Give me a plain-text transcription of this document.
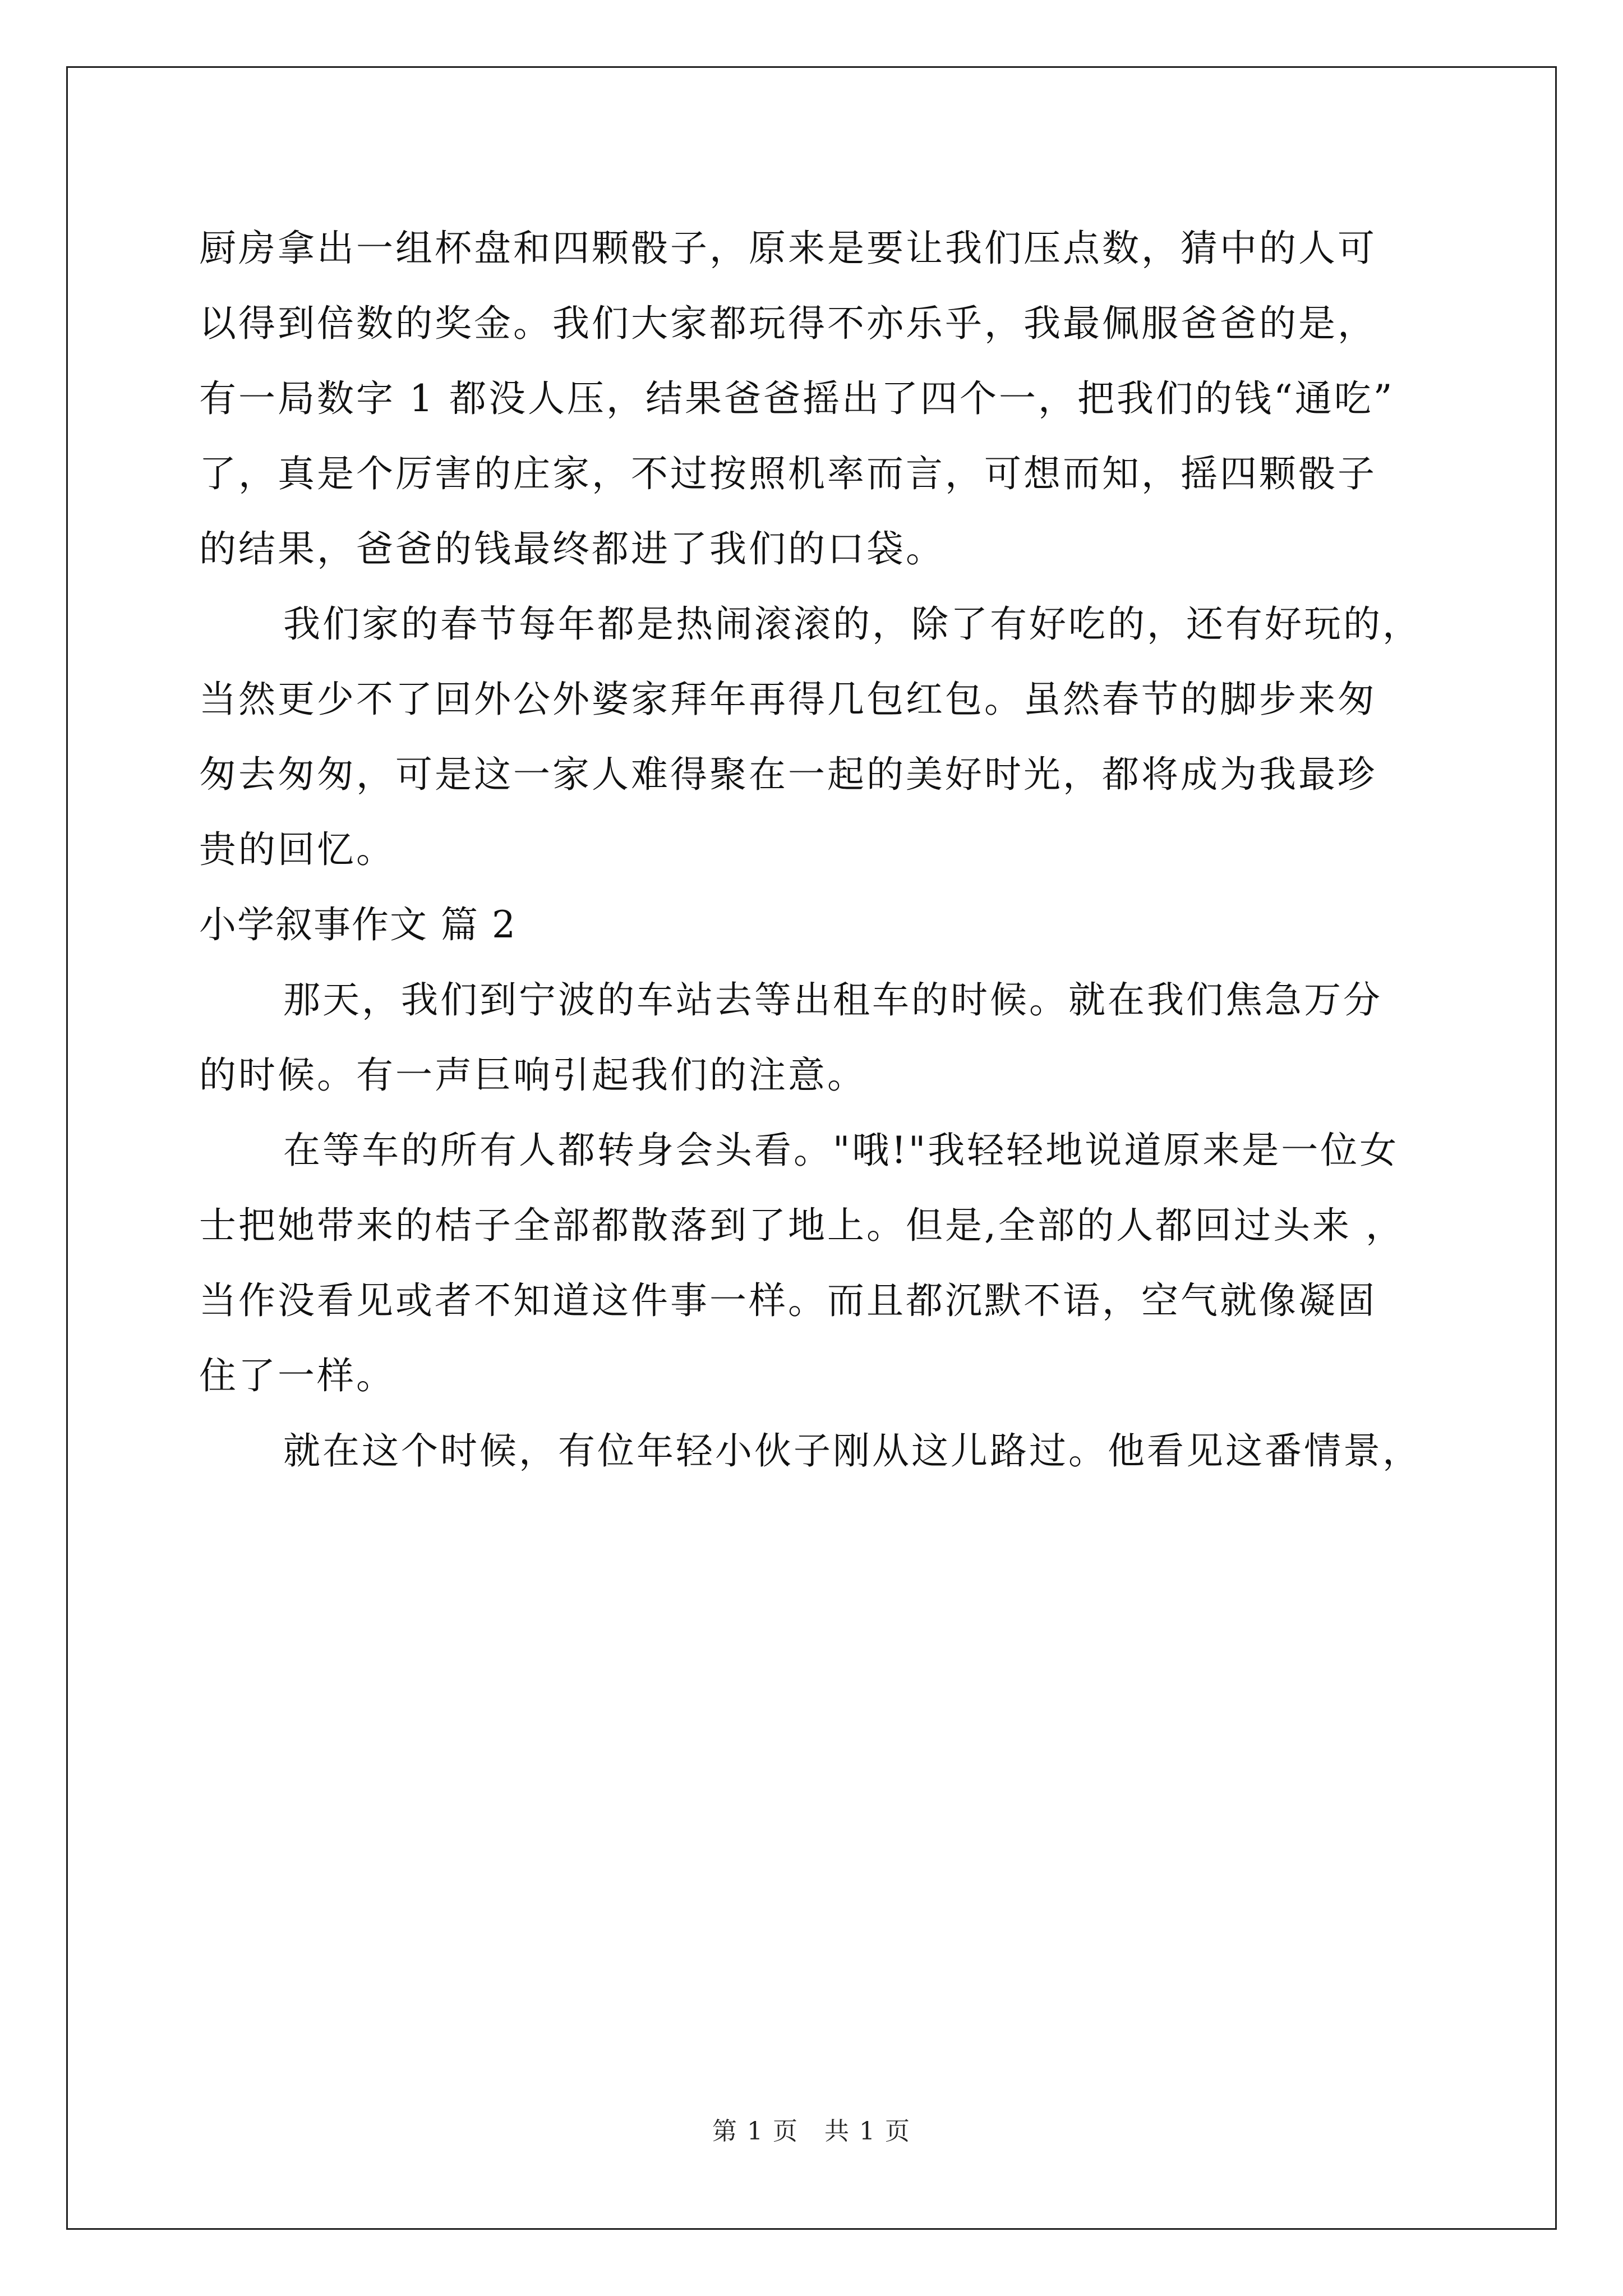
厨房拿出一组杯盘和四颗骰子，原来是要让我们压点数，猜中的人可
以得到倍数的奖金。我们大家都玩得不亦乐乎，我最佩服爸爸的是，
有一局数字 1 都没人压，结果爸爸摇出了四个一，把我们的钱“通吃”
了，真是个厉害的庄家，不过按照机率而言，可想而知，摇四颗骰子
的结果，爸爸的钱最终都进了我们的口袋。
我们家的春节每年都是热闹滚滚的，除了有好吃的，还有好玩的，
当然更少不了回外公外婆家拜年再得几包红包。虽然春节的脚步来匆
匆去匆匆，可是这一家人难得聚在一起的美好时光，都将成为我最珍
贵的回忆。
小学叙事作文 篇 2
那天，我们到宁波的车站去等出租车的时候。就在我们焦急万分
的时候。有一声巨响引起我们的注意。
在等车的所有人都转身会头看。"哦!"我轻轻地说道原来是一位女
士把她带来的桔子全部都散落到了地上。但是,全部的人都回过头来 ，
当作没看见或者不知道这件事一样。而且都沉默不语，空气就像凝固
住了一样。
就在这个时候，有位年轻小伙子刚从这儿路过。他看见这番情景，
第 1 页　共 1 页
